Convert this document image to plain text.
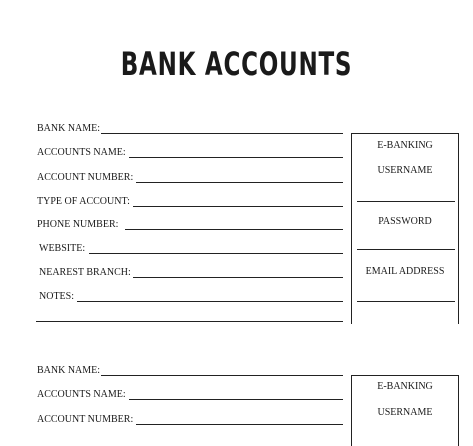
BANK ACCOUNTS
BANK NAME:
ACCOUNTS NAME:
ACCOUNT NUMBER:
TYPE OF ACCOUNT:
PHONE NUMBER:
WEBSITE:
NEAREST BRANCH:
NOTES:
E-BANKING
USERNAME
PASSWORD
EMAIL ADDRESS
BANK NAME:
ACCOUNTS NAME:
ACCOUNT NUMBER:
E-BANKING
USERNAME
